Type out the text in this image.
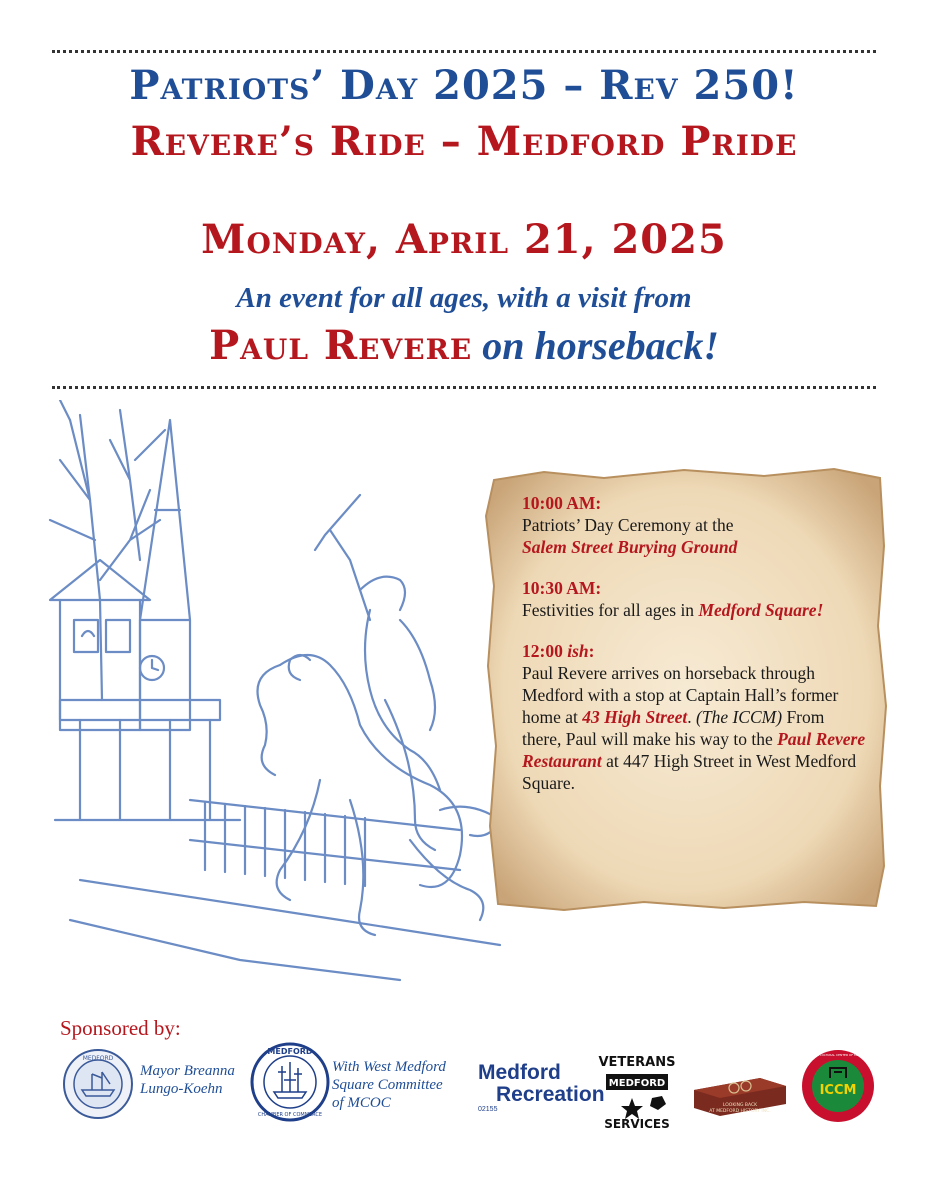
Patriots’ Day 2025 – Rev 250!
Revere’s Ride – Medford Pride
Monday, April 21, 2025
An event for all ages, with a visit from
Paul Revere on horseback!
10:00 AM:
Patriots’ Day Ceremony at the
Salem Street Burying Ground
10:30 AM:
Festivities for all ages in Medford Square!
12:00 ish:
Paul Revere arrives on horseback through Medford with a stop at Captain Hall’s former home at 43 High Street. (The ICCM) From there, Paul will make his way to the Paul Revere Restaurant at 447 High Street in West Medford Square.
Sponsored by:
MEDFORD
Mayor Breanna Lungo-Koehn
MEDFORD
CHAMBER OF COMMERCE
With West Medford Square Committee of MCOC
Medford
Recreation
02155
VETERANS
MEDFORD
SERVICES
LOOKING BACK
AT MEDFORD HISTORY INC.
ICCM
ISLAMIC CULTURAL CENTER OF MEDFORD
